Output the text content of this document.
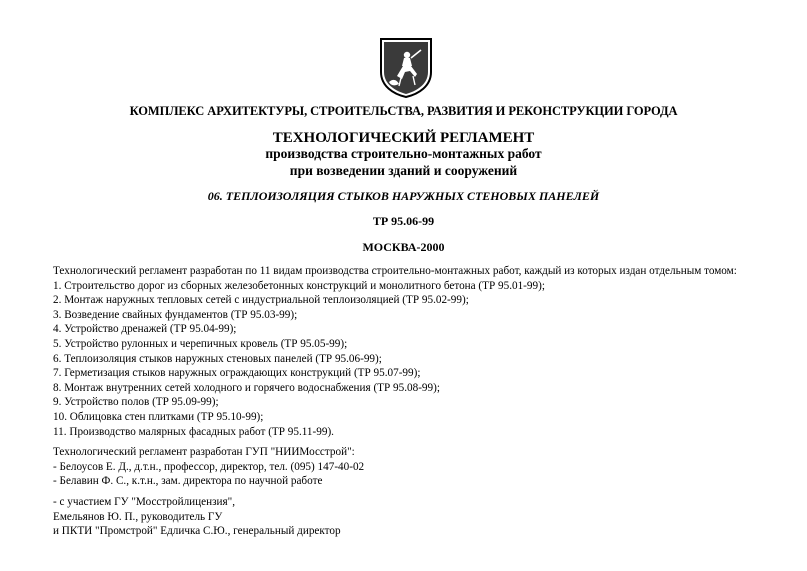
КОМПЛЕКС АРХИТЕКТУРЫ, СТРОИТЕЛЬСТВА, РАЗВИТИЯ И РЕКОНСТРУКЦИИ ГОРОДА
ТЕХНОЛОГИЧЕСКИЙ РЕГЛАМЕНТ
производства строительно-монтажных работ
при возведении зданий и сооружений
06. ТЕПЛОИЗОЛЯЦИЯ СТЫКОВ НАРУЖНЫХ СТЕНОВЫХ ПАНЕЛЕЙ
ТР 95.06-99
МОСКВА-2000
Технологический регламент разработан по 11 видам производства строительно-монтажных работ, каждый из которых издан отдельным томом:
1. Строительство дорог из сборных железобетонных конструкций и монолитного бетона (ТР 95.01-99);
2. Монтаж наружных тепловых сетей с индустриальной теплоизоляцией (ТР 95.02-99);
3. Возведение свайных фундаментов (ТР 95.03-99);
4. Устройство дренажей (ТР 95.04-99);
5. Устройство рулонных и черепичных кровель (ТР 95.05-99);
6. Теплоизоляция стыков наружных стеновых панелей (ТР 95.06-99);
7. Герметизация стыков наружных ограждающих конструкций (ТР 95.07-99);
8. Монтаж внутренних сетей холодного и горячего водоснабжения (ТР 95.08-99);
9. Устройство полов (ТР 95.09-99);
10. Облицовка стен плитками (ТР 95.10-99);
11. Производство малярных фасадных работ (ТР 95.11-99).
Технологический регламент разработан ГУП "НИИМосстрой":
- Белоусов Е. Д., д.т.н., профессор, директор, тел. (095) 147-40-02
- Белавин Ф. С., к.т.н., зам. директора по научной работе
- с участием ГУ "Мосстройлицензия",
Емельянов Ю. П., руководитель ГУ
и ПКТИ "Промстрой" Едличка С.Ю., генеральный директор
